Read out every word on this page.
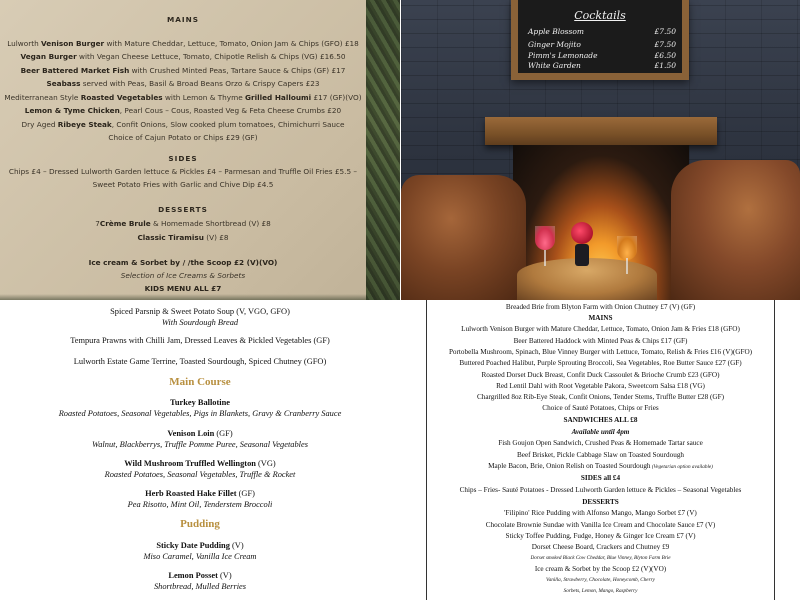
MAINS
Lulworth Venison Burger with Mature Cheddar, Lettuce, Tomato, Onion Jam & Chips (GFO) £18
Vegan Burger with Vegan Cheese Lettuce, Tomato, Chipotle Relish & Chips (VG) £16.50
Beer Battered Market Fish with Crushed Minted Peas, Tartare Sauce & Chips (GF) £17
Seabass served with Peas, Basil & Broad Beans Orzo & Crispy Capers £23
Mediterranean Style Roasted Vegetables with Lemon & Thyme Grilled Halloumi £17 (GF)(VO)
Lemon & Tyme Chicken, Pearl Cous – Cous, Roasted Veg & Feta Cheese Crumbs £20
Dry Aged Ribeye Steak, Confit Onions, Slow cooked plum tomatoes, Chimichurri Sauce
Choice of Cajun Potato or Chips £29 (GF)
SIDES
Chips £4 – Dressed Lulworth Garden lettuce & Pickles £4 – Parmesan and Truffle Oil Fries £5.5 –
Sweet Potato Fries with Garlic and Chive Dip £4.5
DESSERTS
7Crème Brule & Homemade Shortbread (V) £8
Classic Tiramisu (V) £8
Ice cream & Sorbet by / /the Scoop £2 (V)(VO)
Selection of Ice Creams & Sorbets
KIDS MENU ALL £7
Cocktails
Apple Blossom	£7.50
Ginger Mojito	£7.50
Pimm's Lemonade	£6.50
White Garden	£1.50
Spiced Parsnip & Sweet Potato Soup (V, VGO, GFO)
With Sourdough Bread
Tempura Prawns with Chilli Jam, Dressed Leaves & Pickled Vegetables (GF)
Lulworth Estate Game Terrine, Toasted Sourdough, Spiced Chutney (GFO)
Main Course
Turkey Ballotine
Roasted Potatoes, Seasonal Vegetables, Pigs in Blankets, Gravy & Cranberry Sauce
Venison Loin (GF)
Walnut, Blackberrys, Truffle Pomme Puree, Seasonal Vegetables
Wild Mushroom Truffled Wellington (VG)
Roasted Potatoes, Seasonal Vegetables, Truffle & Rocket
Herb Roasted Hake Fillet (GF)
Pea Risotto, Mint Oil, Tenderstem Broccoli
Pudding
Sticky Date Pudding (V)
Miso Caramel, Vanilla Ice Cream
Lemon Posset (V)
Shortbread, Mulled Berries
Breaded Brie from Blyton Farm with Onion Chutney £7 (V) (GF)
MAINS
Lulworth Venison Burger with Mature Cheddar, Lettuce, Tomato, Onion Jam & Fries £18 (GFO)
Beer Battered Haddock with Minted Peas & Chips £17 (GF)
Portobella Mushroom, Spinach, Blue Vinney Burger with Lettuce, Tomato, Relish & Fries £16 (V)(GFO)
Buttered Poached Halibut, Purple Sprouting Broccoli, Sea Vegetables, Roe Butter Sauce £27 (GF)
Roasted Dorset Duck Breast, Confit Duck Cassoulet & Brioche Crumb £23 (GFO)
Red Lentil Dahl with Root Vegetable Pakora, Sweetcorn Salsa £18 (VG)
Chargrilled 8oz Rib-Eye Steak, Confit Onions, Tender Stems, Truffle Butter £28 (GF)
Choice of Sauté Potatoes, Chips or Fries
SANDWICHES ALL £8
Available until 4pm
Fish Goujon Open Sandwich, Crushed Peas & Homemade Tartar sauce
Beef Brisket, Pickle Cabbage Slaw on Toasted Sourdough
Maple Bacon, Brie, Onion Relish on Toasted Sourdough (Vegetarian option available)
SIDES all £4
Chips – Fries- Sauté Potatoes - Dressed Lulworth Garden lettuce & Pickles – Seasonal Vegetables
DESSERTS
'Filipino' Rice Pudding with Alfonso Mango, Mango Sorbet £7 (V)
Chocolate Brownie Sundae with Vanilla Ice Cream and Chocolate Sauce £7 (V)
Sticky Toffee Pudding, Fudge, Honey & Ginger Ice Cream £7 (V)
Dorset Cheese Board, Crackers and Chutney £9
Dorset smoked Black Cow Cheddar, Blue Vinney, Blyton Farm Brie
Ice cream & Sorbet by the Scoop £2 (V)(VO)
Vanilla, Strawberry, Chocolate, Honeycomb, Cherry
Sorbets, Lemon, Mango, Raspberry
